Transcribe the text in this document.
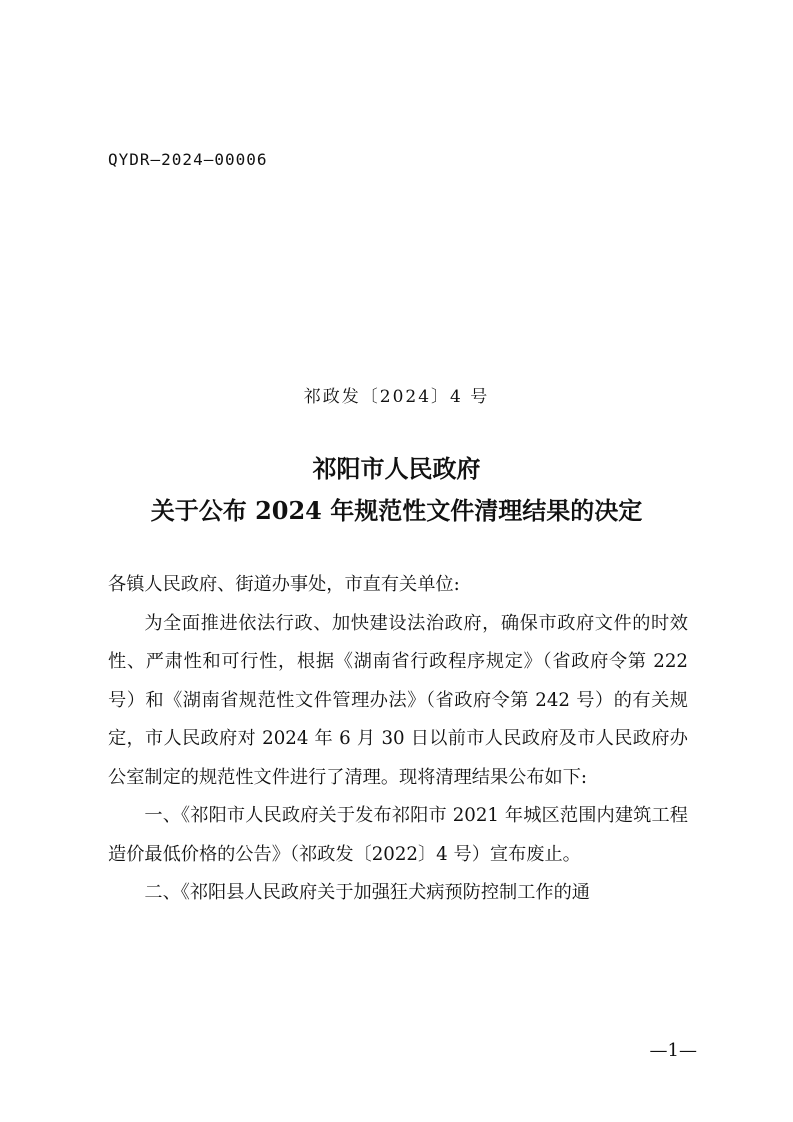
QYDR—2024—00006
祁政发〔2024〕4 号
祁阳市人民政府
关于公布 2024 年规范性文件清理结果的决定

各镇人民政府、街道办事处，市直有关单位:

为全面推进依法行政、加快建设法治政府，确保市政府文件的时效性、严肃性和可行性，根据《湖南省行政程序规定》（省政府令第 222 号）和《湖南省规范性文件管理办法》（省政府令第 242 号）的有关规定，市人民政府对 2024 年 6 月 30 日以前市人民政府及市人民政府办公室制定的规范性文件进行了清理。现将清理结果公布如下:

一、《祁阳市人民政府关于发布祁阳市 2021 年城区范围内建筑工程造价最低价格的公告》（祁政发〔2022〕4 号）宣布废止。

二、《祁阳县人民政府关于加强狂犬病预防控制工作的通

—1—
